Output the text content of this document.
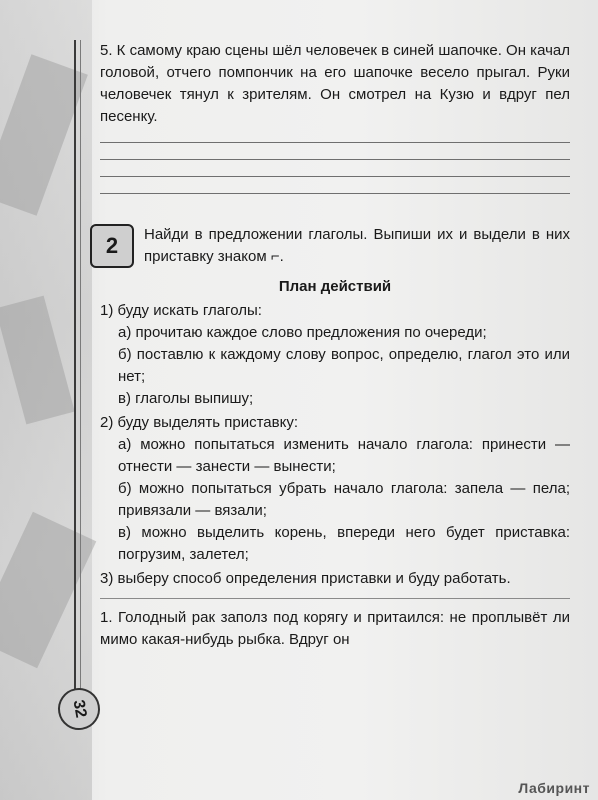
5. К самому краю сцены шёл человечек в синей шапочке. Он качал головой, отчего помпончик на его шапочке весело прыгал. Руки человечек тянул к зрителям. Он смотрел на Кузю и вдруг пел песенку.
2	Найди в предложении глаголы. Выпиши их и выдели в них приставку знаком ⌐.
План действий
1) буду искать глаголы:
а) прочитаю каждое слово предложения по очереди;
б) поставлю к каждому слову вопрос, определю, глагол это или нет;
в) глаголы выпишу;
2) буду выделять приставку:
а) можно попытаться изменить начало глагола: принести — отнести — занести — вынести;
б) можно попытаться убрать начало глагола: запела — пела; привязали — вязали;
в) можно выделить корень, впереди него будет приставка: погрузим, залетел;
3) выберу способ определения приставки и буду работать.
1. Голодный рак заполз под корягу и притаился: не проплывёт ли мимо какая-нибудь рыбка. Вдруг он
32
Лабиринт
